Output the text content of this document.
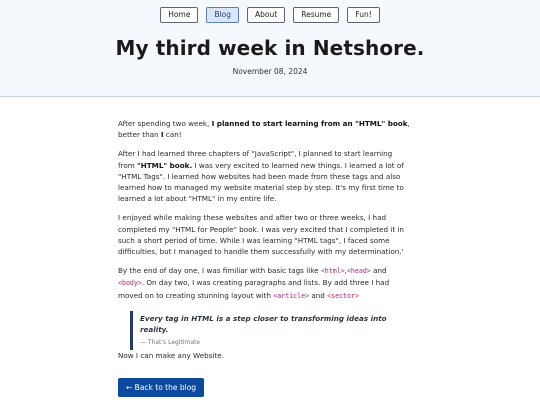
Home	Blog	About	Resume	Fun!
My third week in Netshore.
November 08, 2024

After spending two week, I planned to start learning from an "HTML" book, better than I can!

After I had learned three chapters of "JavaScript", I planned to start learning from "HTML" book. I was very excited to learned new things. I learned a lot of "HTML Tags". I learned how websites had been made from these tags and also learned how to managed my website material step by step. It's my first time to learned a lot about "HTML" in my entire life.

I enjoyed while making these websites and after two or three weeks, I had completed my "HTML for People" book. I was very excited that I completed it in such a short period of time. While I was learning "HTML tags", I faced some difficulties, but I managed to handle them successfully with my determination.'

By the end of day one, I was fimiliar with basic tags like <html>,<head> and <body>. On day two, I was creating paragraphs and lists. By add three I had moved on to creating stunning layout with <article> and <sector>

Every tag in HTML is a step closer to transforming ideas into reality.
— That's Legitimate

Now I can make any Website.

← Back to the blog
